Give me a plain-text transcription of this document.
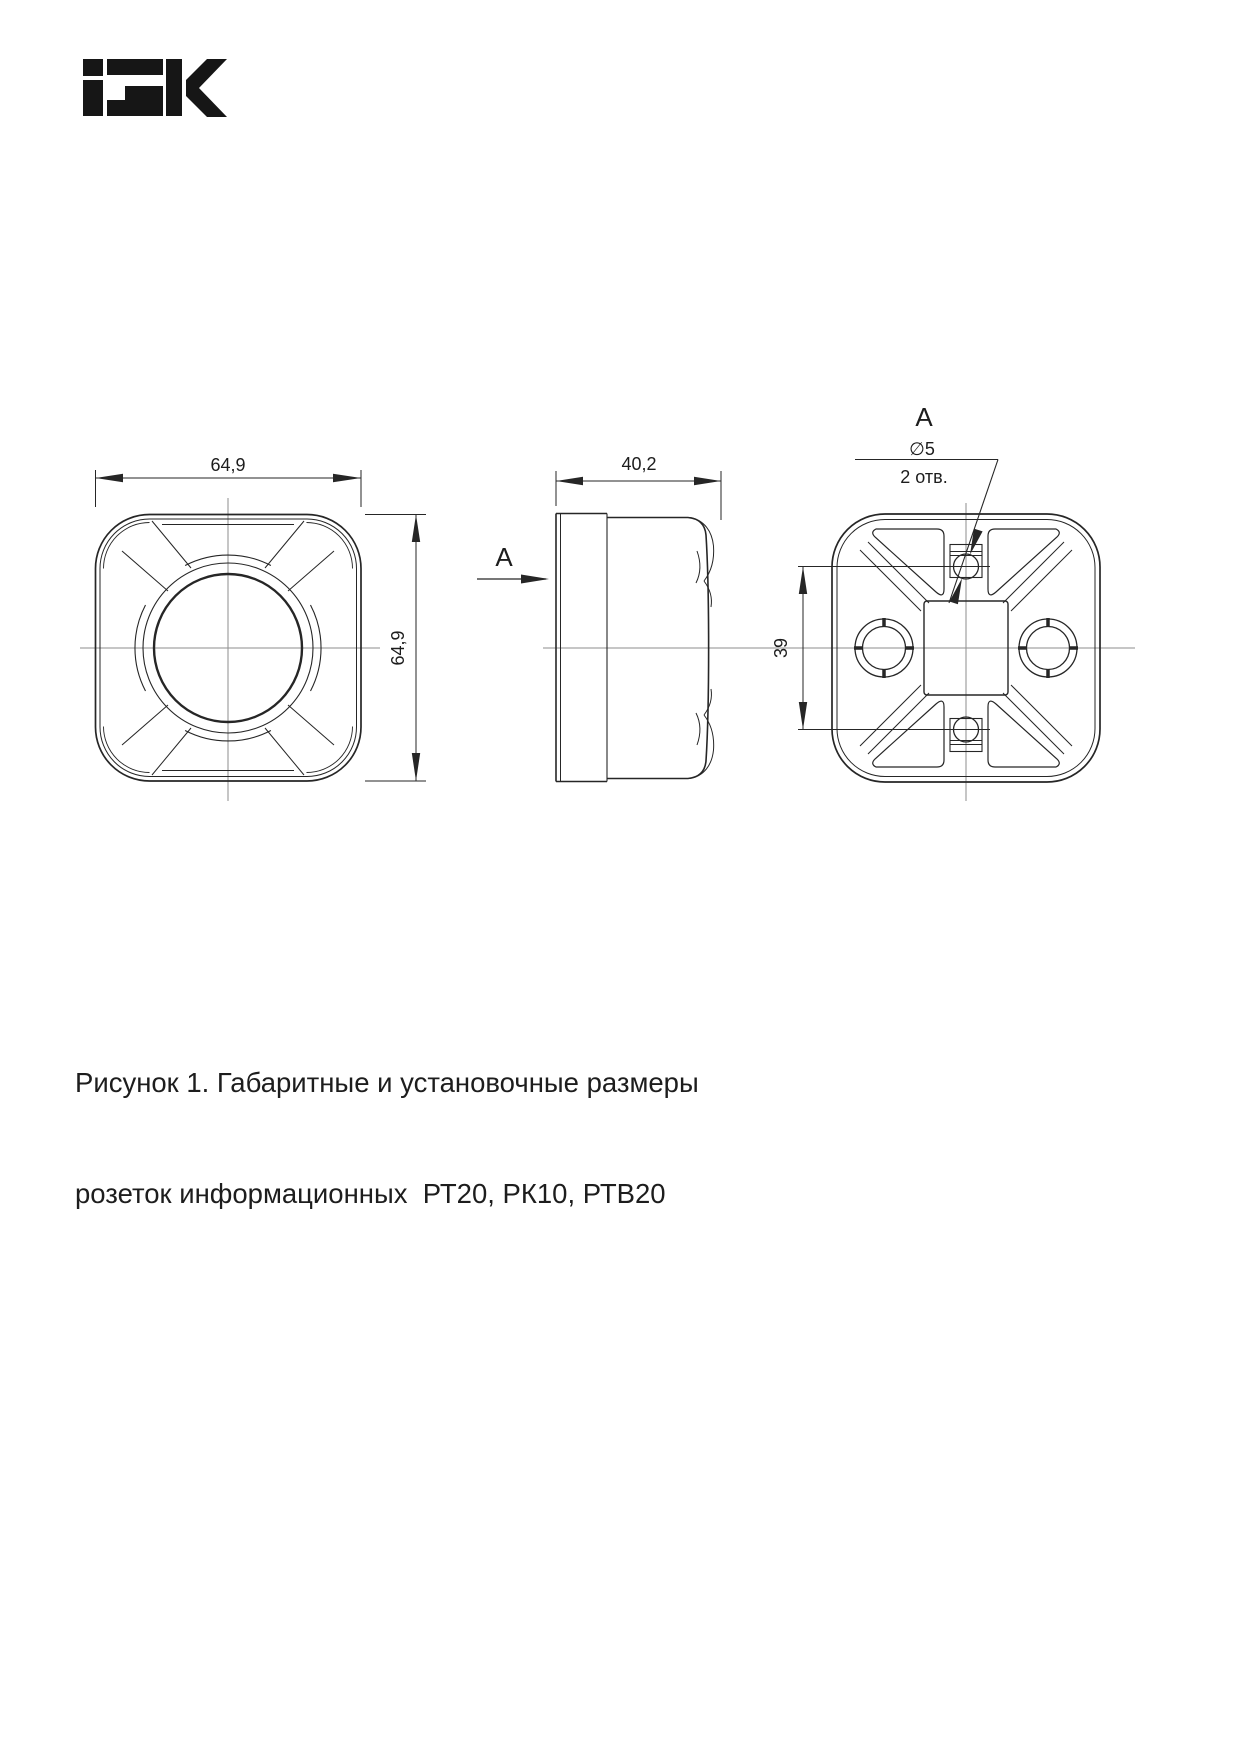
64,9
64,9
40,2
A
39
A
∅5
2 отв.

Рисунок 1. Габаритные и установочные размеры

розеток информационных  РТ20, РК10, РТВ20
